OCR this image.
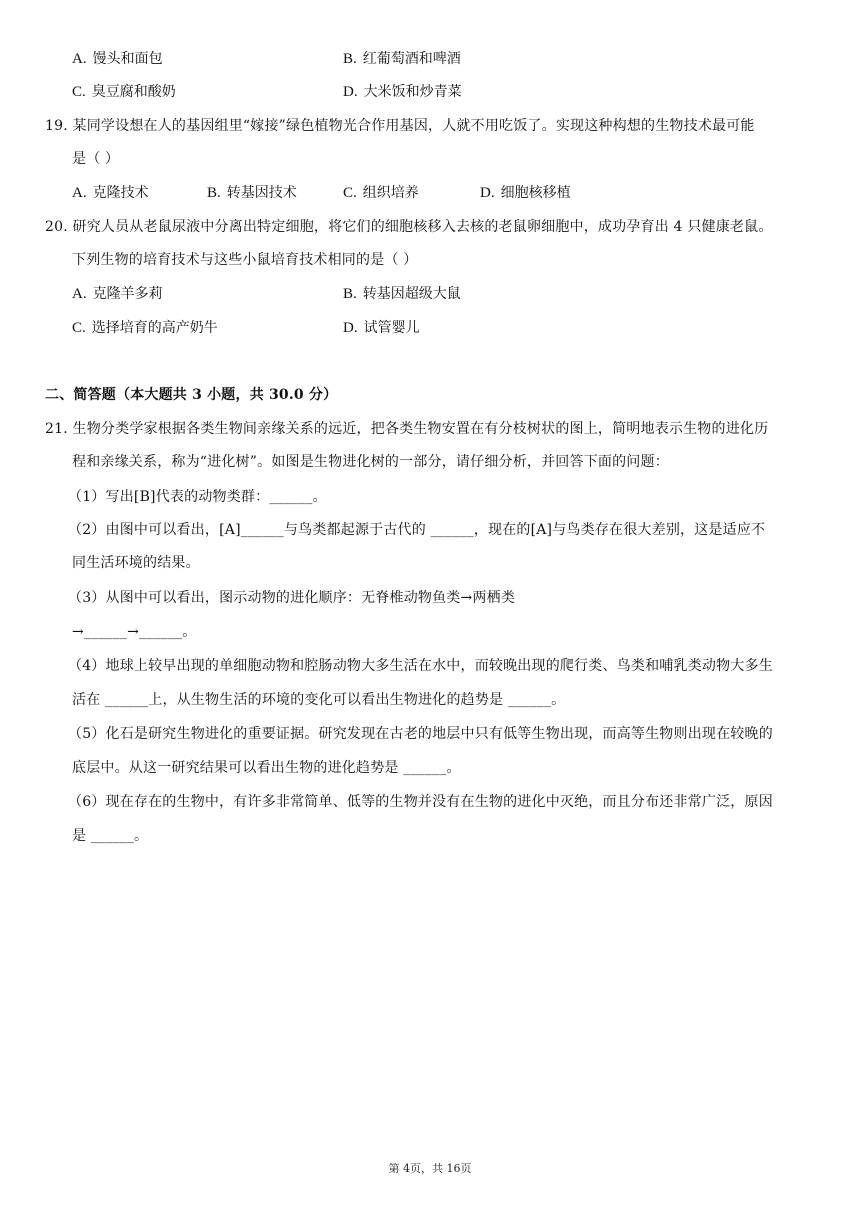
A. 馒头和面包	B. 红葡萄酒和啤酒
C. 臭豆腐和酸奶	D. 大米饭和炒青菜
19. 某同学设想在人的基因组里“嫁接”绿色植物光合作用基因，人就不用吃饭了。实现这种构想的生物技术最可能
是（ ）
A. 克隆技术	B. 转基因技术	C. 组织培养	D. 细胞核移植
20. 研究人员从老鼠尿液中分离出特定细胞，将它们的细胞核移入去核的老鼠卵细胞中，成功孕育出 4 只健康老鼠。
下列生物的培育技术与这些小鼠培育技术相同的是（ ）
A. 克隆羊多莉	B. 转基因超级大鼠
C. 选择培育的高产奶牛	D. 试管婴儿
二、简答题（本大题共 3 小题，共 30.0 分）
21. 生物分类学家根据各类生物间亲缘关系的远近，把各类生物安置在有分枝树状的图上，简明地表示生物的进化历
程和亲缘关系，称为“进化树”。如图是生物进化树的一部分，请仔细分析，并回答下面的问题：
（1）写出[B]代表的动物类群：______。
（2）由图中可以看出，[A]______与鸟类都起源于古代的 ______，现在的[A]与鸟类存在很大差别，这是适应不
同生活环境的结果。
（3）从图中可以看出，图示动物的进化顺序：无脊椎动物鱼类→两栖类
→______→______。
（4）地球上较早出现的单细胞动物和腔肠动物大多生活在水中，而较晚出现的爬行类、鸟类和哺乳类动物大多生
活在 ______上，从生物生活的环境的变化可以看出生物进化的趋势是 ______。
（5）化石是研究生物进化的重要证据。研究发现在古老的地层中只有低等生物出现，而高等生物则出现在较晚的
底层中。从这一研究结果可以看出生物的进化趋势是 ______。
（6）现在存在的生物中，有许多非常简单、低等的生物并没有在生物的进化中灭绝，而且分布还非常广泛，原因
是 ______。
第 4页，共 16页
